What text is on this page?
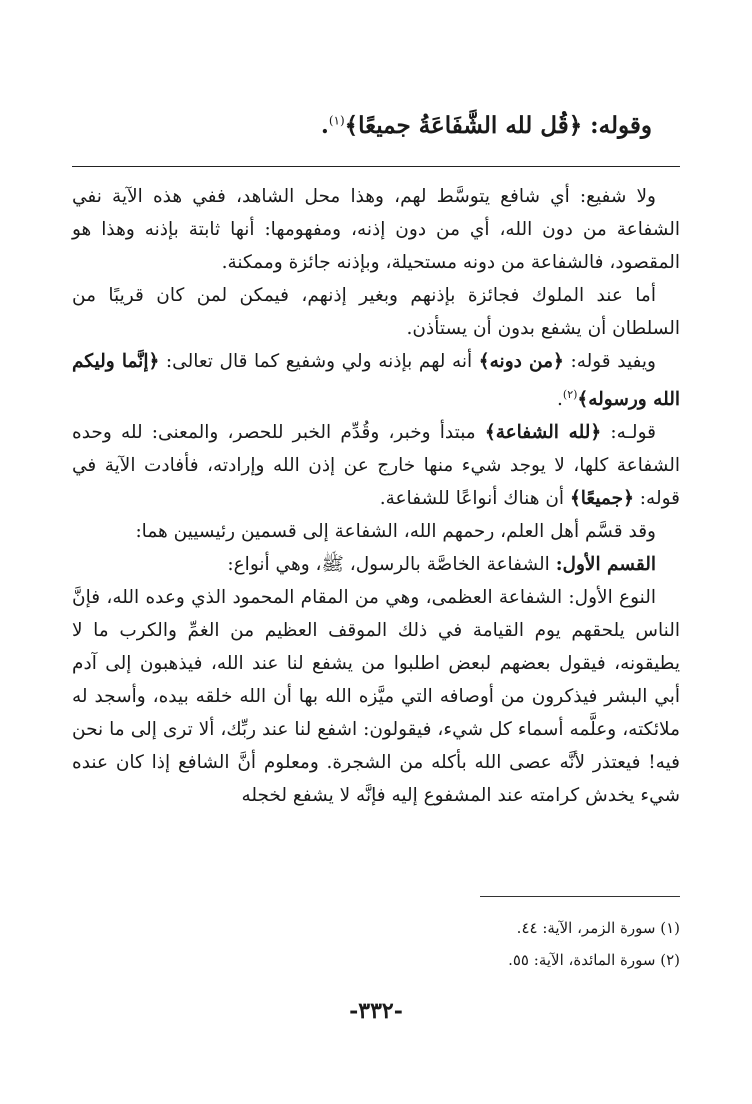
وقوله: ﴿قُل لله الشَّفَاعَةُ جميعًا﴾$^{(١)}$.

ولا شفيع: أي شافع يتوسَّط لهم، وهذا محل الشاهد، ففي هذه الآية نفي الشفاعة من دون الله، أي من دون إذنه، ومفهومها: أنها ثابتة بإذنه وهذا هو المقصود، فالشفاعة من دونه مستحيلة، وبإذنه جائزة وممكنة.

أما عند الملوك فجائزة بإذنهم وبغير إذنهم، فيمكن لمن كان قريبًا من السلطان أن يشفع بدون أن يستأذن.

ويفيد قوله: ﴿من دونه﴾ أنه لهم بإذنه ولي وشفيع كما قال تعالى: ﴿إنَّما وليكم الله ورسوله﴾$^{(٢)}$.

قولـه: ﴿لله الشفاعة﴾ مبتدأ وخبر، وقُدِّم الخبر للحصر، والمعنى: لله وحده الشفاعة كلها، لا يوجد شيء منها خارج عن إذن الله وإرادته، فأفادت الآية في قوله: ﴿جميعًا﴾ أن هناك أنواعًا للشفاعة.

وقد قسَّم أهل العلم، رحمهم الله، الشفاعة إلى قسمين رئيسيين هما:

القسم الأول: الشفاعة الخاصَّة بالرسول، ﷺ، وهي أنواع:

النوع الأول: الشفاعة العظمى، وهي من المقام المحمود الذي وعده الله، فإنَّ الناس يلحقهم يوم القيامة في ذلك الموقف العظيم من الغمِّ والكرب ما لا يطيقونه، فيقول بعضهم لبعض اطلبوا من يشفع لنا عند الله، فيذهبون إلى آدم أبي البشر فيذكرون من أوصافه التي ميَّزه الله بها أن الله خلقه بيده، وأسجد له ملائكته، وعلَّمه أسماء كل شيء، فيقولون: اشفع لنا عند ربِّك، ألا ترى إلى ما نحن فيه! فيعتذر لأنَّه عصى الله بأكله من الشجرة. ومعلوم أنَّ الشافع إذا كان عنده شيء يخدش كرامته عند المشفوع إليه فإنَّه لا يشفع لخجله

(١) سورة الزمر، الآية: ٤٤.
(٢) سورة المائدة، الآية: ٥٥.
-٣٣٢-
